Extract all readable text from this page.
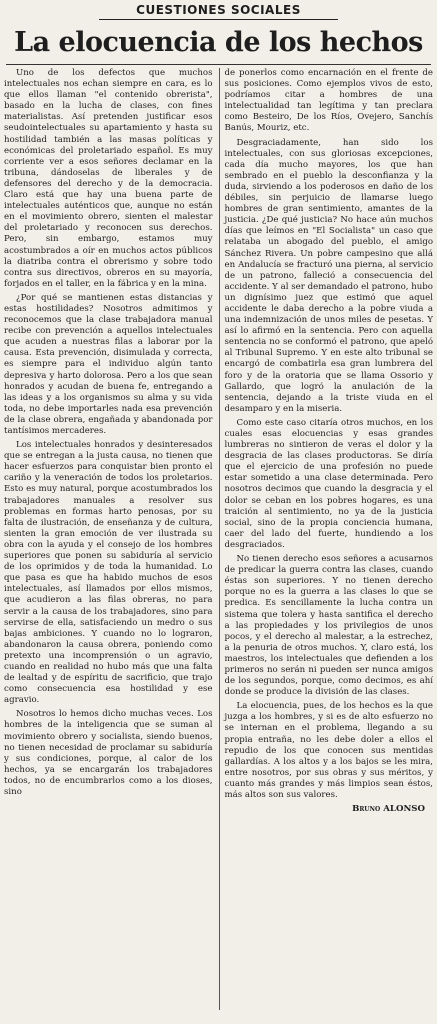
CUESTIONES SOCIALES
La elocuencia de los hechos

Uno de los defectos que muchos intelectuales nos echan siempre en cara, es lo que ellos llaman "el contenido obrerista", basado en la lucha de clases, con fines materialistas. Así pretenden justificar esos seudointelectuales su apartamiento y hasta su hostilidad también a las masas políticas y económicas del proletariado español. Es muy corriente ver a esos señores declamar en la tribuna, dándoselas de liberales y de defensores del derecho y de la democracia. Claro está que hay una buena parte de intelectuales auténticos que, aunque no están en el movimiento obrero, sienten el malestar del proletariado y reconocen sus derechos. Pero, sin embargo, estamos muy acostumbrados a oír en muchos actos públicos la diatriba contra el obrerismo y sobre todo contra sus directivos, obreros en su mayoría, forjados en el taller, en la fábrica y en la mina.

¿Por qué se mantienen estas distancias y estas hostilidades? Nosotros admitimos y reconocemos que la clase trabajadora manual recibe con prevención a aquellos intelectuales que acuden a nuestras filas a laborar por la causa. Esta prevención, disimulada y correcta, es siempre para el individuo algún tanto depresiva y harto dolorosa. Pero a los que sean honrados y acudan de buena fe, entregando a las ideas y a los organismos su alma y su vida toda, no debe importarles nada esa prevención de la clase obrera, engañada y abandonada por tantísimos mercaderes.

Los intelectuales honrados y desinteresados que se entregan a la justa causa, no tienen que hacer esfuerzos para conquistar bien pronto el cariño y la veneración de todos los proletarios. Esto es muy natural, porque acostumbrados los trabajadores manuales a resolver sus problemas en formas harto penosas, por su falta de ilustración, de enseñanza y de cultura, sienten la gran emoción de ver ilustrada su obra con la ayuda y el consejo de los hombres superiores que ponen su sabiduría al servicio de los oprimidos y de toda la humanidad. Lo que pasa es que ha habido muchos de esos intelectuales, así llamados por ellos mismos, que acudieron a las filas obreras, no para servir a la causa de los trabajadores, sino para servirse de ella, satisfaciendo un medro o sus bajas ambiciones. Y cuando no lo lograron, abandonaron la causa obrera, poniendo como pretexto una incomprensión o un agravio, cuando en realidad no hubo más que una falta de lealtad y de espíritu de sacrificio, que trajo como consecuencia esa hostilidad y ese agravio.

Nosotros lo hemos dicho muchas veces. Los hombres de la inteligencia que se suman al movimiento obrero y socialista, siendo buenos, no tienen necesidad de proclamar su sabiduría y sus condiciones, porque, al calor de los hechos, ya se encargarán los trabajadores todos, no de encumbrarlos como a los dioses, sino

de ponerlos como encarnación en el frente de sus posiciones. Como ejemplos vivos de esto, podríamos citar a hombres de una intelectualidad tan legítima y tan preclara como Besteiro, De los Ríos, Ovejero, Sanchís Banús, Mouriz, etc.

Desgraciadamente, han sido los intelectuales, con sus gloriosas excepciones, cada día mucho mayores, los que han sembrado en el pueblo la desconfianza y la duda, sirviendo a los poderosos en daño de los débiles, sin perjuicio de llamarse luego hombres de gran sentimiento, amantes de la justicia. ¿De qué justicia? No hace aún muchos días que leímos en "El Socialista" un caso que relataba un abogado del pueblo, el amigo Sánchez Rivera. Un pobre campesino que allá en Andalucía se fracturó una pierna, al servicio de un patrono, falleció a consecuencia del accidente. Y al ser demandado el patrono, hubo un dignísimo juez que estimó que aquel accidente le daba derecho a la pobre viuda a una indemnización de unos miles de pesetas. Y así lo afirmó en la sentencia. Pero con aquella sentencia no se conformó el patrono, que apeló al Tribunal Supremo. Y en este alto tribunal se encargó de combatirla esa gran lumbrera del foro y de la oratoria que se llama Ossorio y Gallardo, que logró la anulación de la sentencia, dejando a la triste viuda en el desamparo y en la miseria.

Como este caso citaría otros muchos, en los cuales esas elocuencias y esas grandes lumbreras no sintieron de veras el dolor y la desgracia de las clases productoras. Se diría que el ejercicio de una profesión no puede estar sometido a una clase determinada. Pero nosotros decimos que cuando la desgracia y el dolor se ceban en los pobres hogares, es una traición al sentimiento, no ya de la justicia social, sino de la propia conciencia humana, caer del lado del fuerte, hundiendo a los desgraciados.

No tienen derecho esos señores a acusarnos de predicar la guerra contra las clases, cuando éstas son superiores. Y no tienen derecho porque no es la guerra a las clases lo que se predica. Es sencillamente la lucha contra un sistema que tolera y hasta santifica el derecho a las propiedades y los privilegios de unos pocos, y el derecho al malestar, a la estrechez, a la penuria de otros muchos. Y, claro está, los maestros, los intelectuales que defienden a los primeros no serán ni pueden ser nunca amigos de los segundos, porque, como decimos, es ahí donde se produce la división de las clases.

La elocuencia, pues, de los hechos es la que juzga a los hombres, y si es de alto esfuerzo no se internan en el problema, llegando a su propia entraña, no les debe doler a ellos el repudio de los que conocen sus mentidas gallardías. A los altos y a los bajos se les mira, entre nosotros, por sus obras y sus méritos, y cuanto más grandes y más limpios sean éstos, más altos son sus valores.

Bruno ALONSO
